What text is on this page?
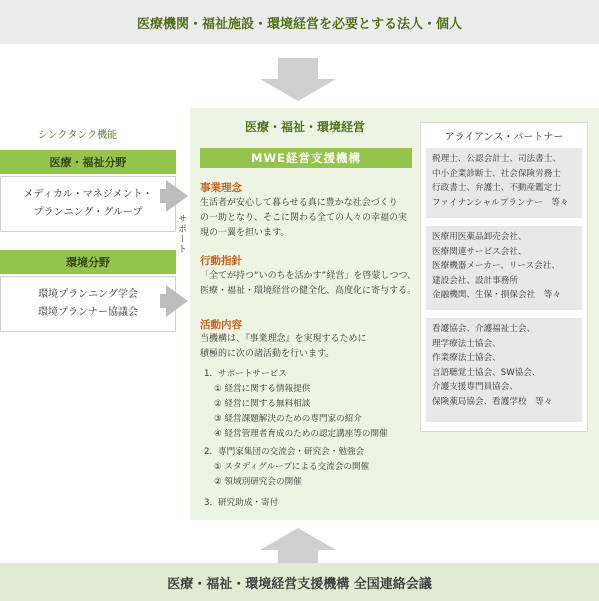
医療機関・福祉施設・環境経営を必要とする法人・個人
医療・福祉・環境経営
MWE経営支援機構
事業理念
生活者が安心して暮らせる真に豊かな社会づくり
の一助となり、そこに関わる全ての人々の幸福の実
現の一翼を担います。
行動指針
「全てが持つ“いのちを活かす”経営」を啓蒙しつつ、
医療・福祉・環境経営の健全化、高度化に寄与する。
活動内容
当機構は、『事業理念』を実現するために
積極的に次の諸活動を行います。
1．サポートサービス
① 経営に関する情報提供
② 経営に関する無料相談
③ 経営課題解決のための専門家の紹介
④ 経営管理者育成のための認定講座等の開催
2．専門家集団の交流会・研究会・勉強会
① スタディグループによる交流会の開催
② 領域別研究会の開催
3．研究助成・寄付
シンクタンク機能
医療・福祉分野
メディカル・マネジメント・
プランニング・グループ
環境分野
環境プランニング学会
環境プランナー協議会
サポート
アライアンス・パートナー
税理士、公認会計士、司法書士、
中小企業診断士、社会保険労務士
行政書士、弁護士、不動産鑑定士
ファイナンシャルプランナー　等々
医療用医薬品卸売会社、
医療関連サービス会社、
医療機器メーカー、リース会社、
建設会社、設計事務所
金融機関、生保・損保会社　等々
看護協会、介護福祉士会、
理学療法士協会、
作業療法士協会、
言語聴覚士協会、SW協会、
介護支援専門員協会、
保険薬局協会、看護学校　等々
医療・福祉・環境経営支援機構 全国連絡会議
